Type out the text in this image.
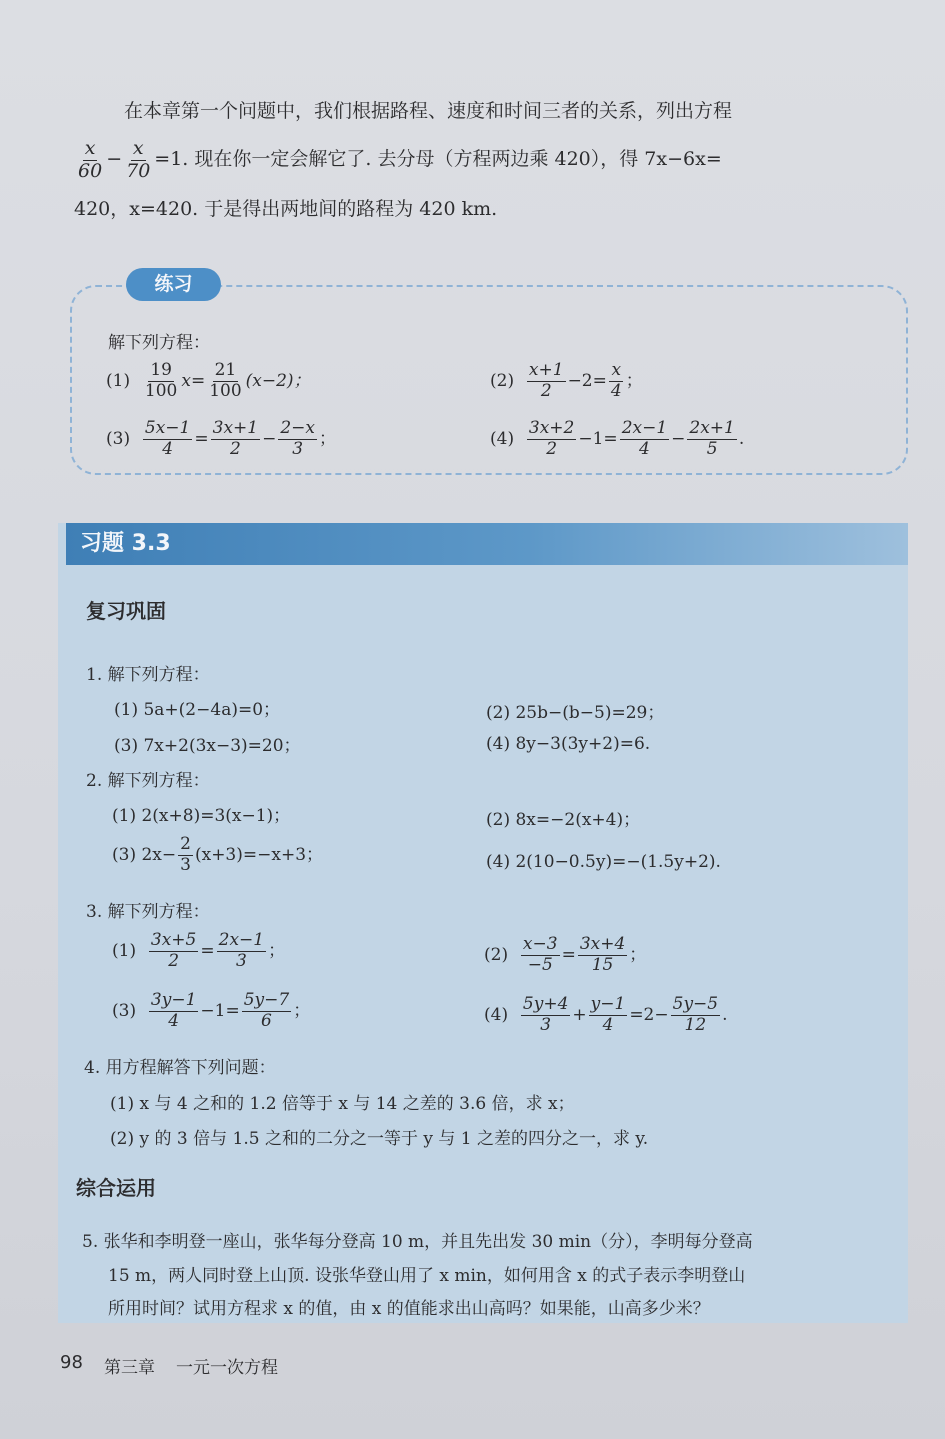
在本章第一个问题中，我们根据路程、速度和时间三者的关系，列出方程
$\frac{x}{60} - \frac{x}{70} =1$. 现在你一定会解它了. 去分母（方程两边乘 420），得 7x−6x=
420，x=420. 于是得出两地间的路程为 420 km.
练习
解下列方程：
$(1) \frac{19}{100} x= \frac{21}{100} (x-2)$；	$(2) \frac{x+1}{2} -2= \frac{x}{4}$ ；
$(3) \frac{5x-1}{4} = \frac{3x+1}{2} - \frac{2-x}{3}$ ；	$(4) \frac{3x+2}{2} -1= \frac{2x-1}{4} - \frac{2x+1}{5}$ .
习题 3.3
复习巩固
1. 解下列方程：
(1) 5a+(2−4a)=0；	(2) 25b−(b−5)=29；
(3) 7x+2(3x−3)=20；	(4) 8y−3(3y+2)=6.
2. 解下列方程：
(1) 2(x+8)=3(x−1)；	(2) 8x=−2(x+4)；
(3) $2x- \frac{2}{3} (x+3)=-x+3$；	(4) 2(10−0.5y)=−(1.5y+2).
3. 解下列方程：
$(1) \frac{3x+5}{2} = \frac{2x-1}{3}$ ；	$(2) \frac{x-3}{-5} = \frac{3x+4}{15}$ ；
$(3) \frac{3y-1}{4} -1= \frac{5y-7}{6}$ ；	$(4) \frac{5y+4}{3} + \frac{y-1}{4} =2- \frac{5y-5}{12}$ .
4. 用方程解答下列问题：
(1) x 与 4 之和的 1.2 倍等于 x 与 14 之差的 3.6 倍，求 x；
(2) y 的 3 倍与 1.5 之和的二分之一等于 y 与 1 之差的四分之一，求 y.
综合运用
5. 张华和李明登一座山，张华每分登高 10 m，并且先出发 30 min（分），李明每分登高
15 m，两人同时登上山顶. 设张华登山用了 x min，如何用含 x 的式子表示李明登山
所用时间？试用方程求 x 的值，由 x 的值能求出山高吗？如果能，山高多少米？
98 第三章 一元一次方程
